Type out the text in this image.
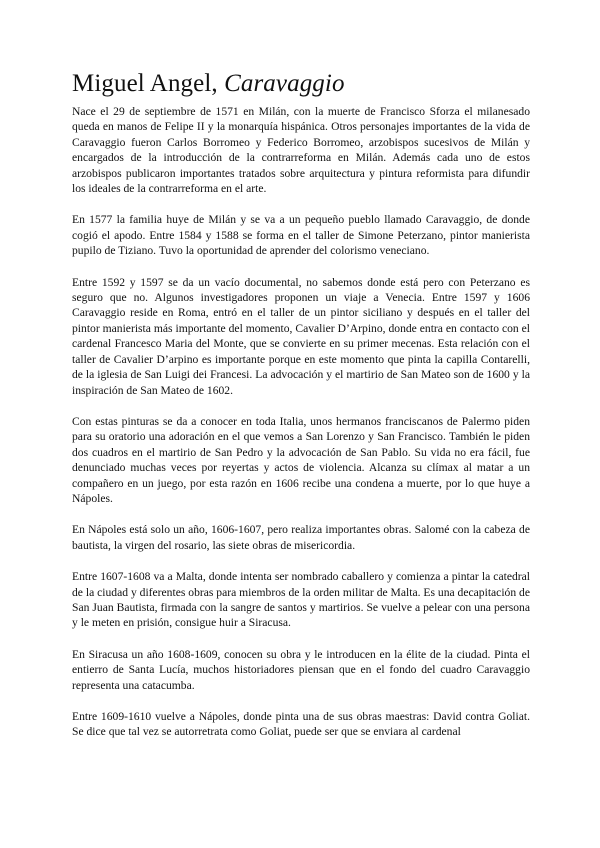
Miguel Angel, Caravaggio

Nace el 29 de septiembre de 1571 en Milán, con la muerte de Francisco Sforza el milanesado queda en manos de Felipe II y la monarquía hispánica. Otros personajes importantes de la vida de Caravaggio fueron Carlos Borromeo y Federico Borromeo, arzobispos sucesivos de Milán y encargados de la introducción de la contrarreforma en Milán. Además cada uno de estos arzobispos publicaron importantes tratados sobre arquitectura y pintura reformista para difundir los ideales de la contrarreforma en el arte.

En 1577 la familia huye de Milán y se va a un pequeño pueblo llamado Caravaggio, de donde cogió el apodo. Entre 1584 y 1588 se forma en el taller de Simone Peterzano, pintor manierista pupilo de Tiziano. Tuvo la oportunidad de aprender del colorismo veneciano.

Entre 1592 y 1597 se da un vacío documental, no sabemos donde está pero con Peterzano es seguro que no. Algunos investigadores proponen un viaje a Venecia. Entre 1597 y 1606 Caravaggio reside en Roma, entró en el taller de un pintor siciliano y después en el taller del pintor manierista más importante del momento, Cavalier D’Arpino, donde entra en contacto con el cardenal Francesco Maria del Monte, que se convierte en su primer mecenas. Esta relación con el taller de Cavalier D’arpino es importante porque en este momento que pinta la capilla Contarelli, de la iglesia de San Luigi dei Francesi. La advocación y el martirio de San Mateo son de 1600 y la inspiración de San Mateo de 1602.

Con estas pinturas se da a conocer en toda Italia, unos hermanos franciscanos de Palermo piden para su oratorio una adoración en el que vemos a San Lorenzo y San Francisco. También le piden dos cuadros en el martirio de San Pedro y la advocación de San Pablo. Su vida no era fácil, fue denunciado muchas veces por reyertas y actos de violencia. Alcanza su clímax al matar a un compañero en un juego, por esta razón en 1606 recibe una condena a muerte, por lo que huye a Nápoles.

En Nápoles está solo un año, 1606-1607, pero realiza importantes obras. Salomé con la cabeza de bautista, la virgen del rosario, las siete obras de misericordia.

Entre 1607-1608 va a Malta, donde intenta ser nombrado caballero y comienza a pintar la catedral de la ciudad y diferentes obras para miembros de la orden militar de Malta. Es una decapitación de San Juan Bautista, firmada con la sangre de santos y martirios. Se vuelve a pelear con una persona y le meten en prisión, consigue huir a Siracusa.

En Siracusa un año 1608-1609, conocen su obra y le introducen en la élite de la ciudad. Pinta el entierro de Santa Lucía, muchos historiadores piensan que en el fondo del cuadro Caravaggio representa una catacumba.

Entre 1609-1610 vuelve a Nápoles, donde pinta una de sus obras maestras: David contra Goliat. Se dice que tal vez se autorretrata como Goliat, puede ser que se enviara al cardenal
